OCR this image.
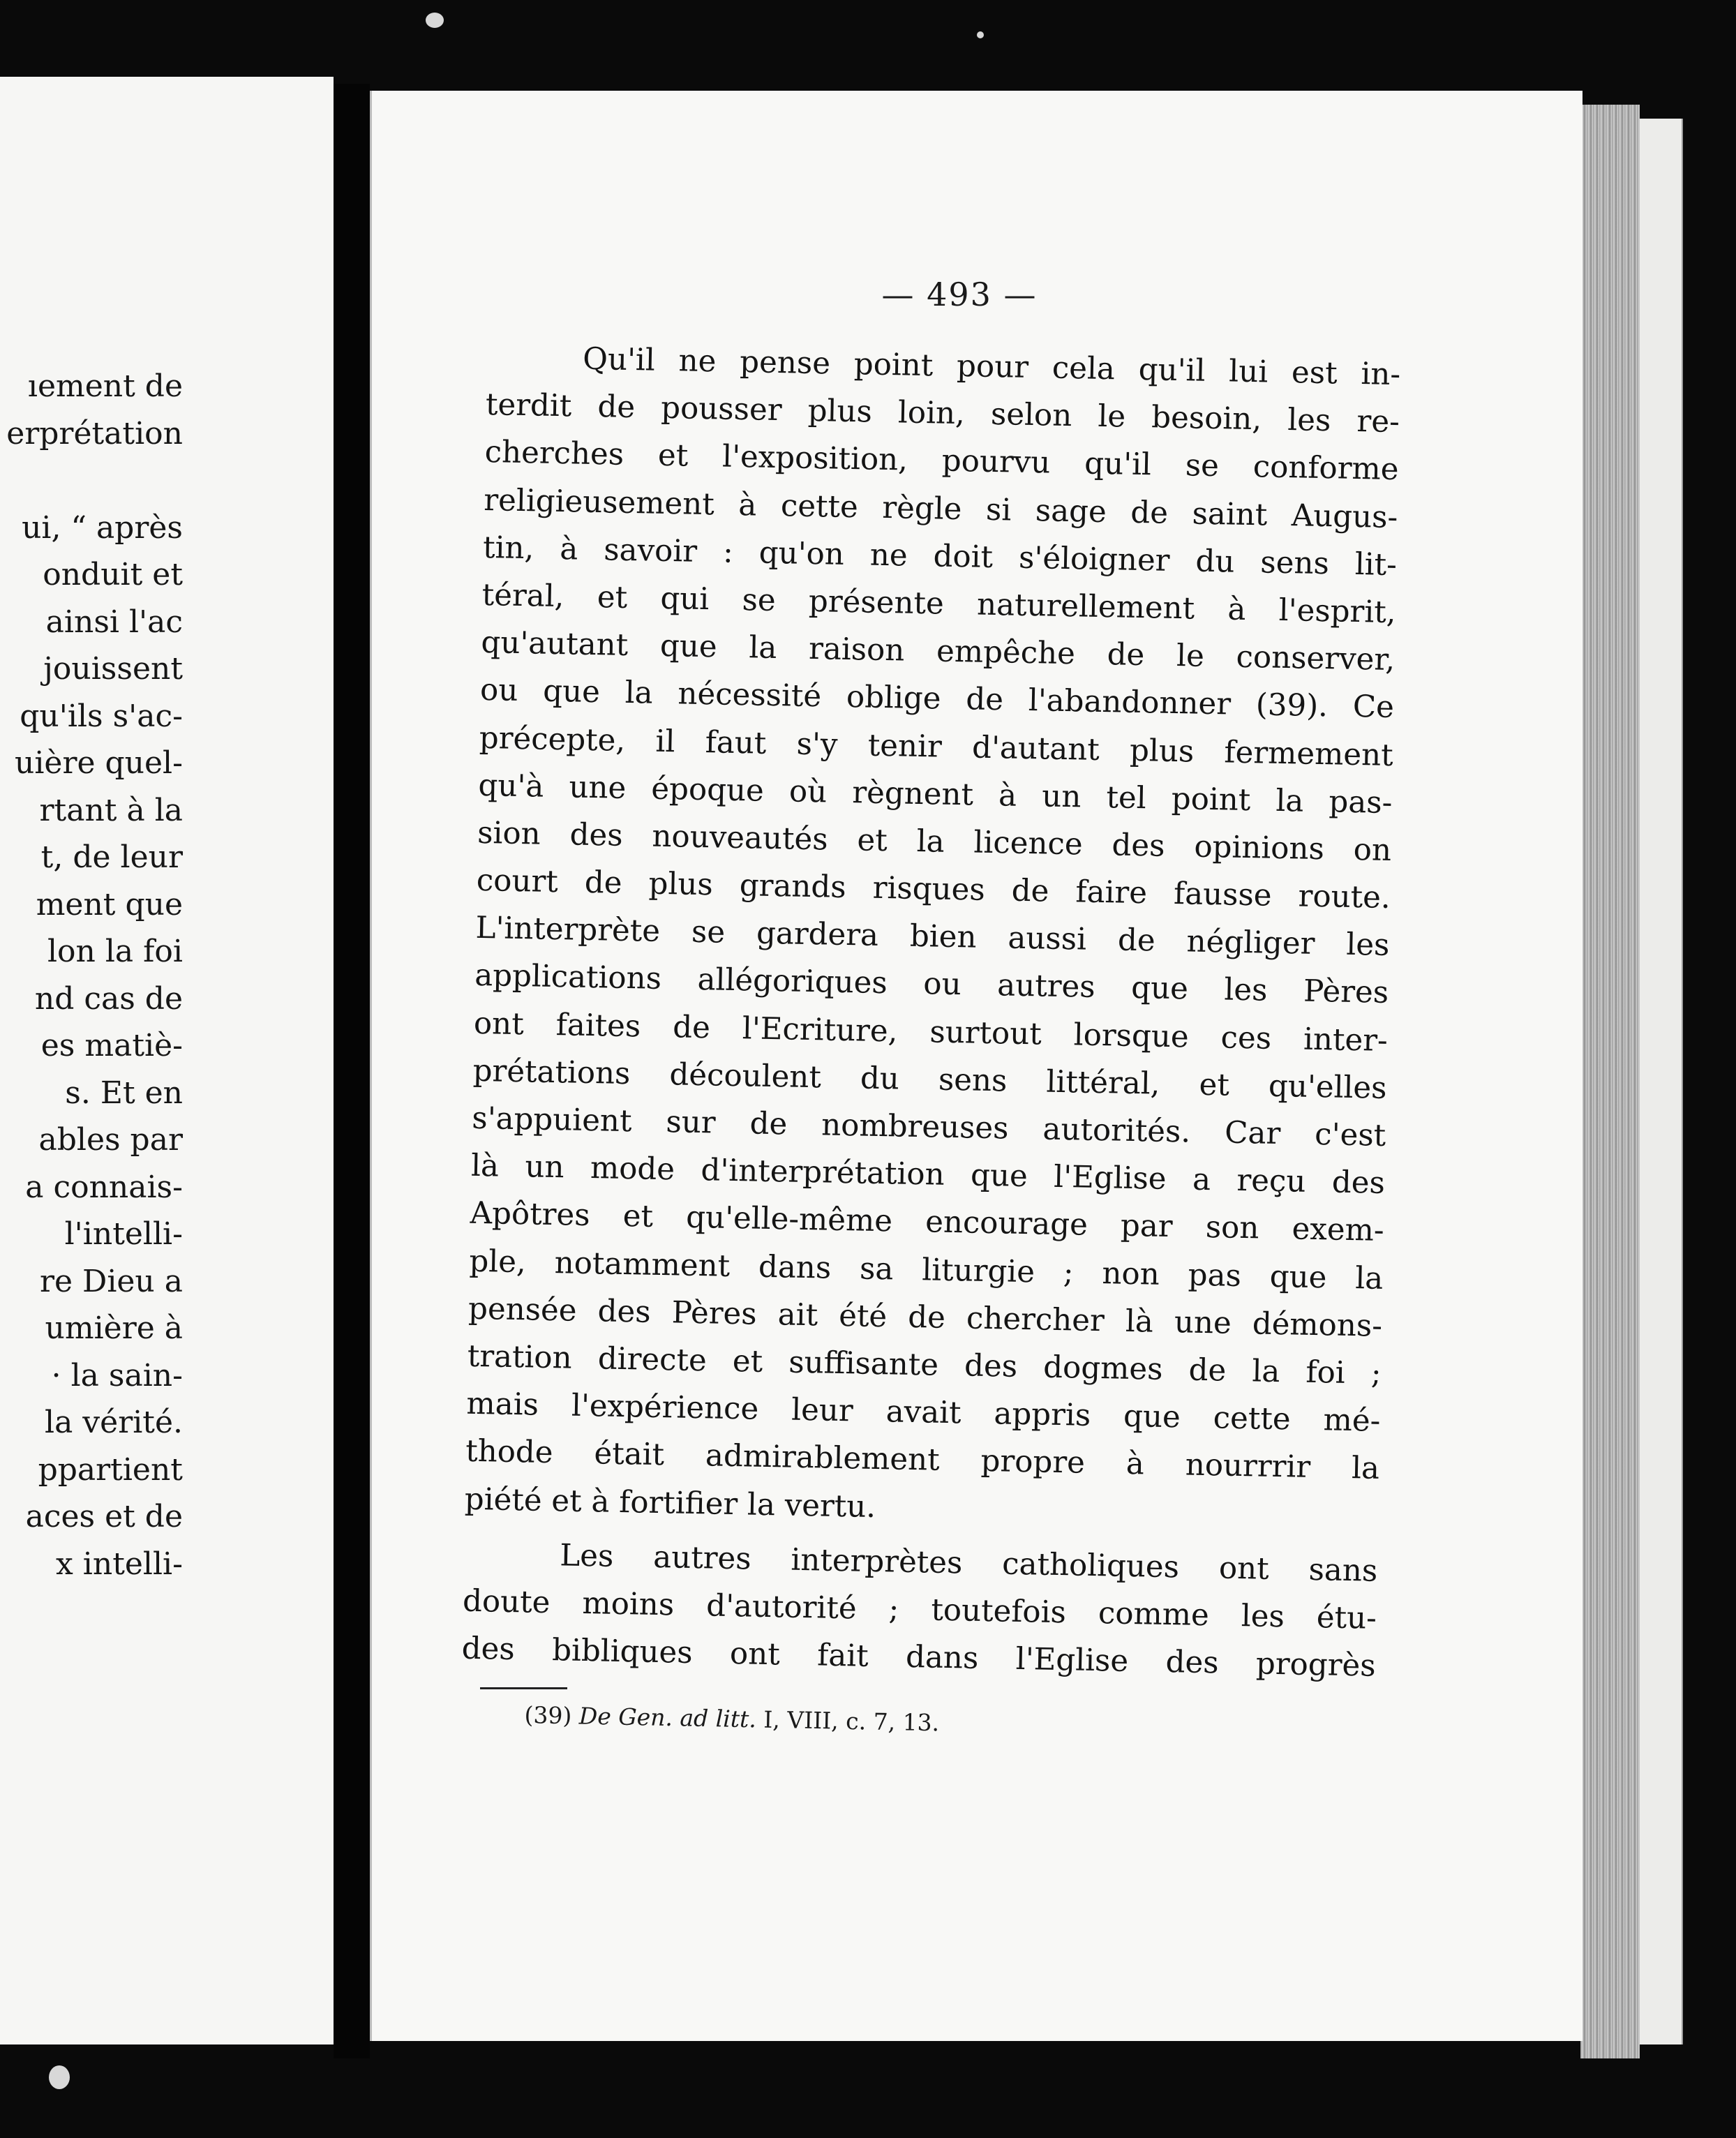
ıement de
erprétation
ui, “ après
onduit et
ainsi l'ac
jouissent
qu'ils s'ac-
uière quel-
rtant à la
t, de leur
ment que
lon la foi
nd cas de
es matiè-
s. Et en
ables par
a connais-
l'intelli-
re Dieu a
umière à
· la sain-
la vérité.
ppartient
aces et de
x intelli-
— 493 —
Qu'il ne pense point pour cela qu'il lui est in-
terdit de pousser plus loin, selon le besoin, les re-
cherches et l'exposition, pourvu qu'il se conforme
religieusement à cette règle si sage de saint Augus-
tin, à savoir : qu'on ne doit s'éloigner du sens lit-
téral, et qui se présente naturellement à l'esprit,
qu'autant que la raison empêche de le conserver,
ou que la nécessité oblige de l'abandonner (39). Ce
précepte, il faut s'y tenir d'autant plus fermement
qu'à une époque où règnent à un tel point la pas-
sion des nouveautés et la licence des opinions on
court de plus grands risques de faire fausse route.
L'interprète se gardera bien aussi de négliger les
applications allégoriques ou autres que les Pères
ont faites de l'Ecriture, surtout lorsque ces inter-
prétations découlent du sens littéral, et qu'elles
s'appuient sur de nombreuses autorités. Car c'est
là un mode d'interprétation que l'Eglise a reçu des
Apôtres et qu'elle-même encourage par son exem-
ple, notamment dans sa liturgie ; non pas que la
pensée des Pères ait été de chercher là une démons-
tration directe et suffisante des dogmes de la foi ;
mais l'expérience leur avait appris que cette mé-
thode était admirablement propre à nourrrir la
piété et à fortifier la vertu.
Les autres interprètes catholiques ont sans
doute moins d'autorité ; toutefois comme les étu-
des bibliques ont fait dans l'Eglise des progrès
(39) De Gen. ad litt. I, VIII, c. 7, 13.
